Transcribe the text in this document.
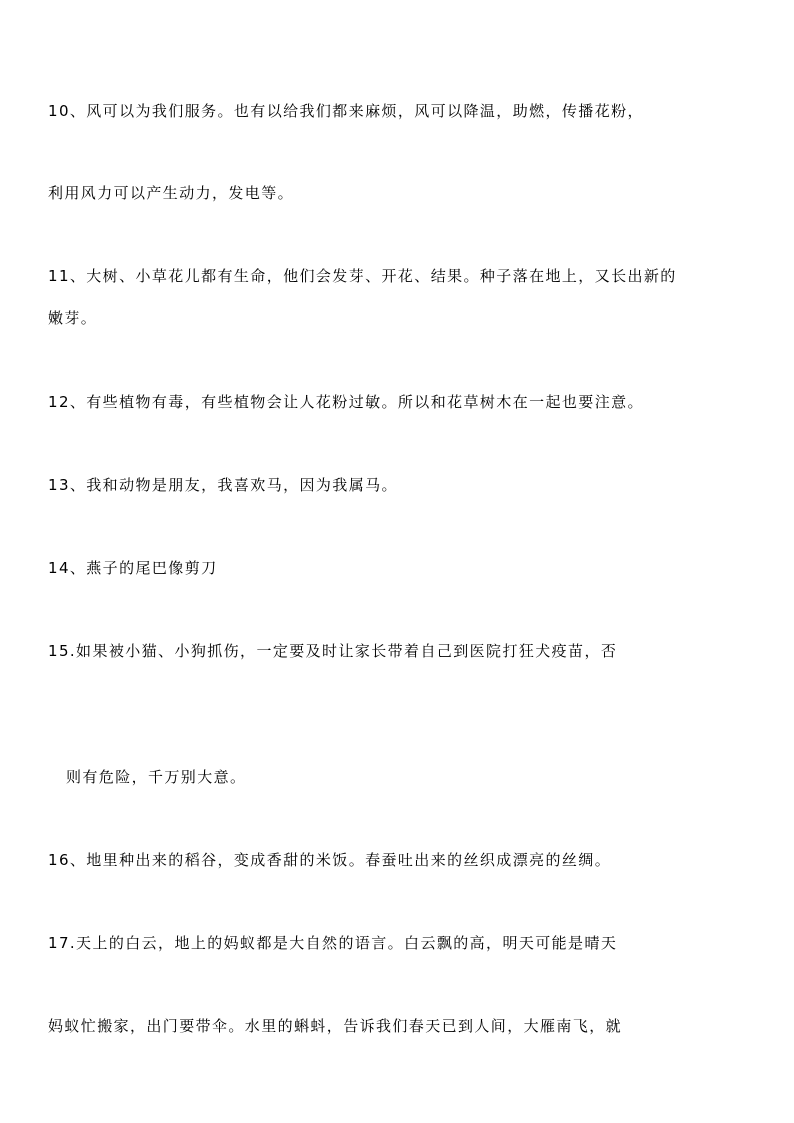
10、风可以为我们服务。也有以给我们都来麻烦，风可以降温，助燃，传播花粉，
利用风力可以产生动力，发电等。
11、大树、小草花儿都有生命，他们会发芽、开花、结果。种子落在地上，又长出新的
嫩芽。
12、有些植物有毒，有些植物会让人花粉过敏。所以和花草树木在一起也要注意。
13、我和动物是朋友，我喜欢马，因为我属马。
14、燕子的尾巴像剪刀
15.如果被小猫、小狗抓伤，一定要及时让家长带着自己到医院打狂犬疫苗，否
则有危险，千万别大意。
16、地里种出来的稻谷，变成香甜的米饭。春蚕吐出来的丝织成漂亮的丝绸。
17.天上的白云，地上的妈蚁都是大自然的语言。白云飘的高，明天可能是晴天
妈蚁忙搬家，出门要带伞。水里的蝌蚪，告诉我们春天已到人间，大雁南飞，就
